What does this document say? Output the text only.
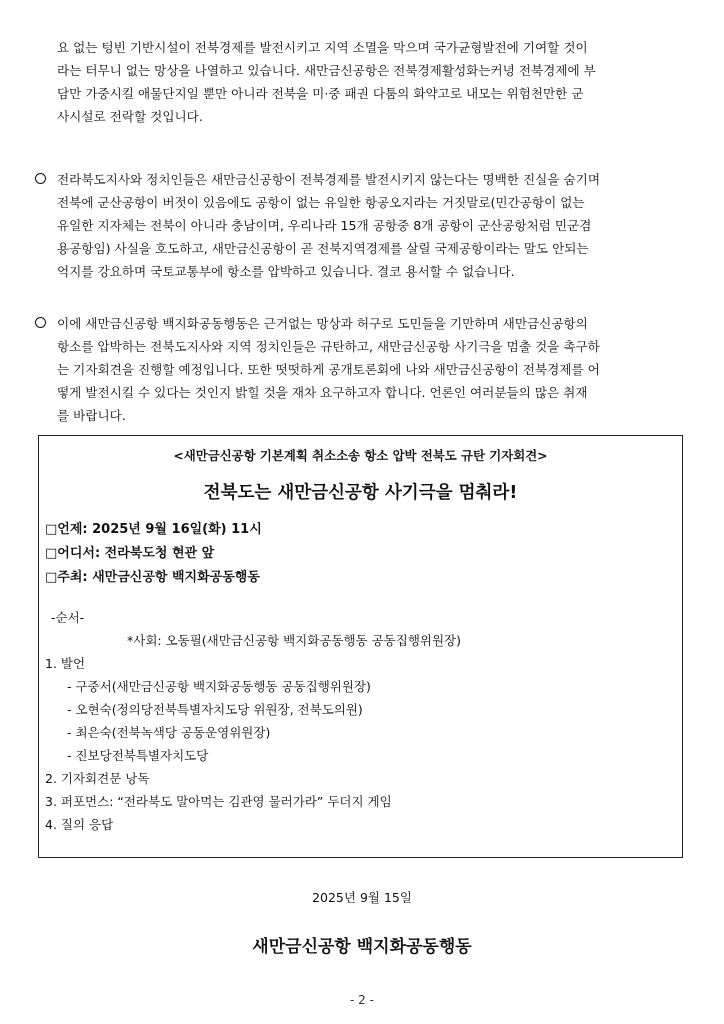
요 없는 텅빈 기반시설이 전북경제를 발전시키고 지역 소멸을 막으며 국가균형발전에 기여할 것이
라는 터무니 없는 망상을 나열하고 있습니다. 새만금신공항은 전북경제활성화는커녕 전북경제에 부
담만 가중시킬 애물단지일 뿐만 아니라 전북을 미·중 패권 다툼의 화약고로 내모는 위험천만한 군
사시설로 전락할 것입니다.
전라북도지사와 정치인들은 새만금신공항이 전북경제를 발전시키지 않는다는 명백한 진실을 숨기며
전북에 군산공항이 버젓이 있음에도 공항이 없는 유일한 항공오지라는 거짓말로(민간공항이 없는
유일한 지자체는 전북이 아니라 충남이며, 우리나라 15개 공항중 8개 공항이 군산공항처럼 민군겸
용공항임) 사실을 호도하고, 새만금신공항이 곧 전북지역경제를 살릴 국제공항이라는 말도 안되는
억지를 강요하며 국토교통부에 항소를 압박하고 있습니다. 결코 용서할 수 없습니다.
이에 새만금신공항 백지화공동행동은 근거없는 망상과 허구로 도민들을 기만하며 새만금신공항의
항소를 압박하는 전북도지사와 지역 정치인들은 규탄하고, 새만금신공항 사기극을 멈출 것을 촉구하
는 기자회견을 진행할 예정입니다. 또한 떳떳하게 공개토론회에 나와 새만금신공항이 전북경제를 어
떻게 발전시킬 수 있다는 것인지 밝힐 것을 재차 요구하고자 합니다. 언론인 여러분들의 많은 취재
를 바랍니다.
<새만금신공항 기본계획 취소소송 항소 압박 전북도 규탄 기자회견>
전북도는 새만금신공항 사기극을 멈춰라!
□언제: 2025년 9월 16일(화) 11시
□어디서: 전라북도청 현관 앞
□주최: 새만금신공항 백지화공동행동
-순서-
*사회: 오동필(새만금신공항 백지화공동행동 공동집행위원장)
1. 발언
- 구중서(새만금신공항 백지화공동행동 공동집행위원장)
- 오현숙(정의당전북특별자치도당 위원장, 전북도의원)
- 최은숙(전북녹색당 공동운영위원장)
- 진보당전북특별자치도당
2. 기자회견문 낭독
3. 퍼포먼스: “전라북도 말아먹는 김관영 물러가라” 두더지 게임
4. 질의 응답
2025년 9월 15일
새만금신공항 백지화공동행동
- 2 -
